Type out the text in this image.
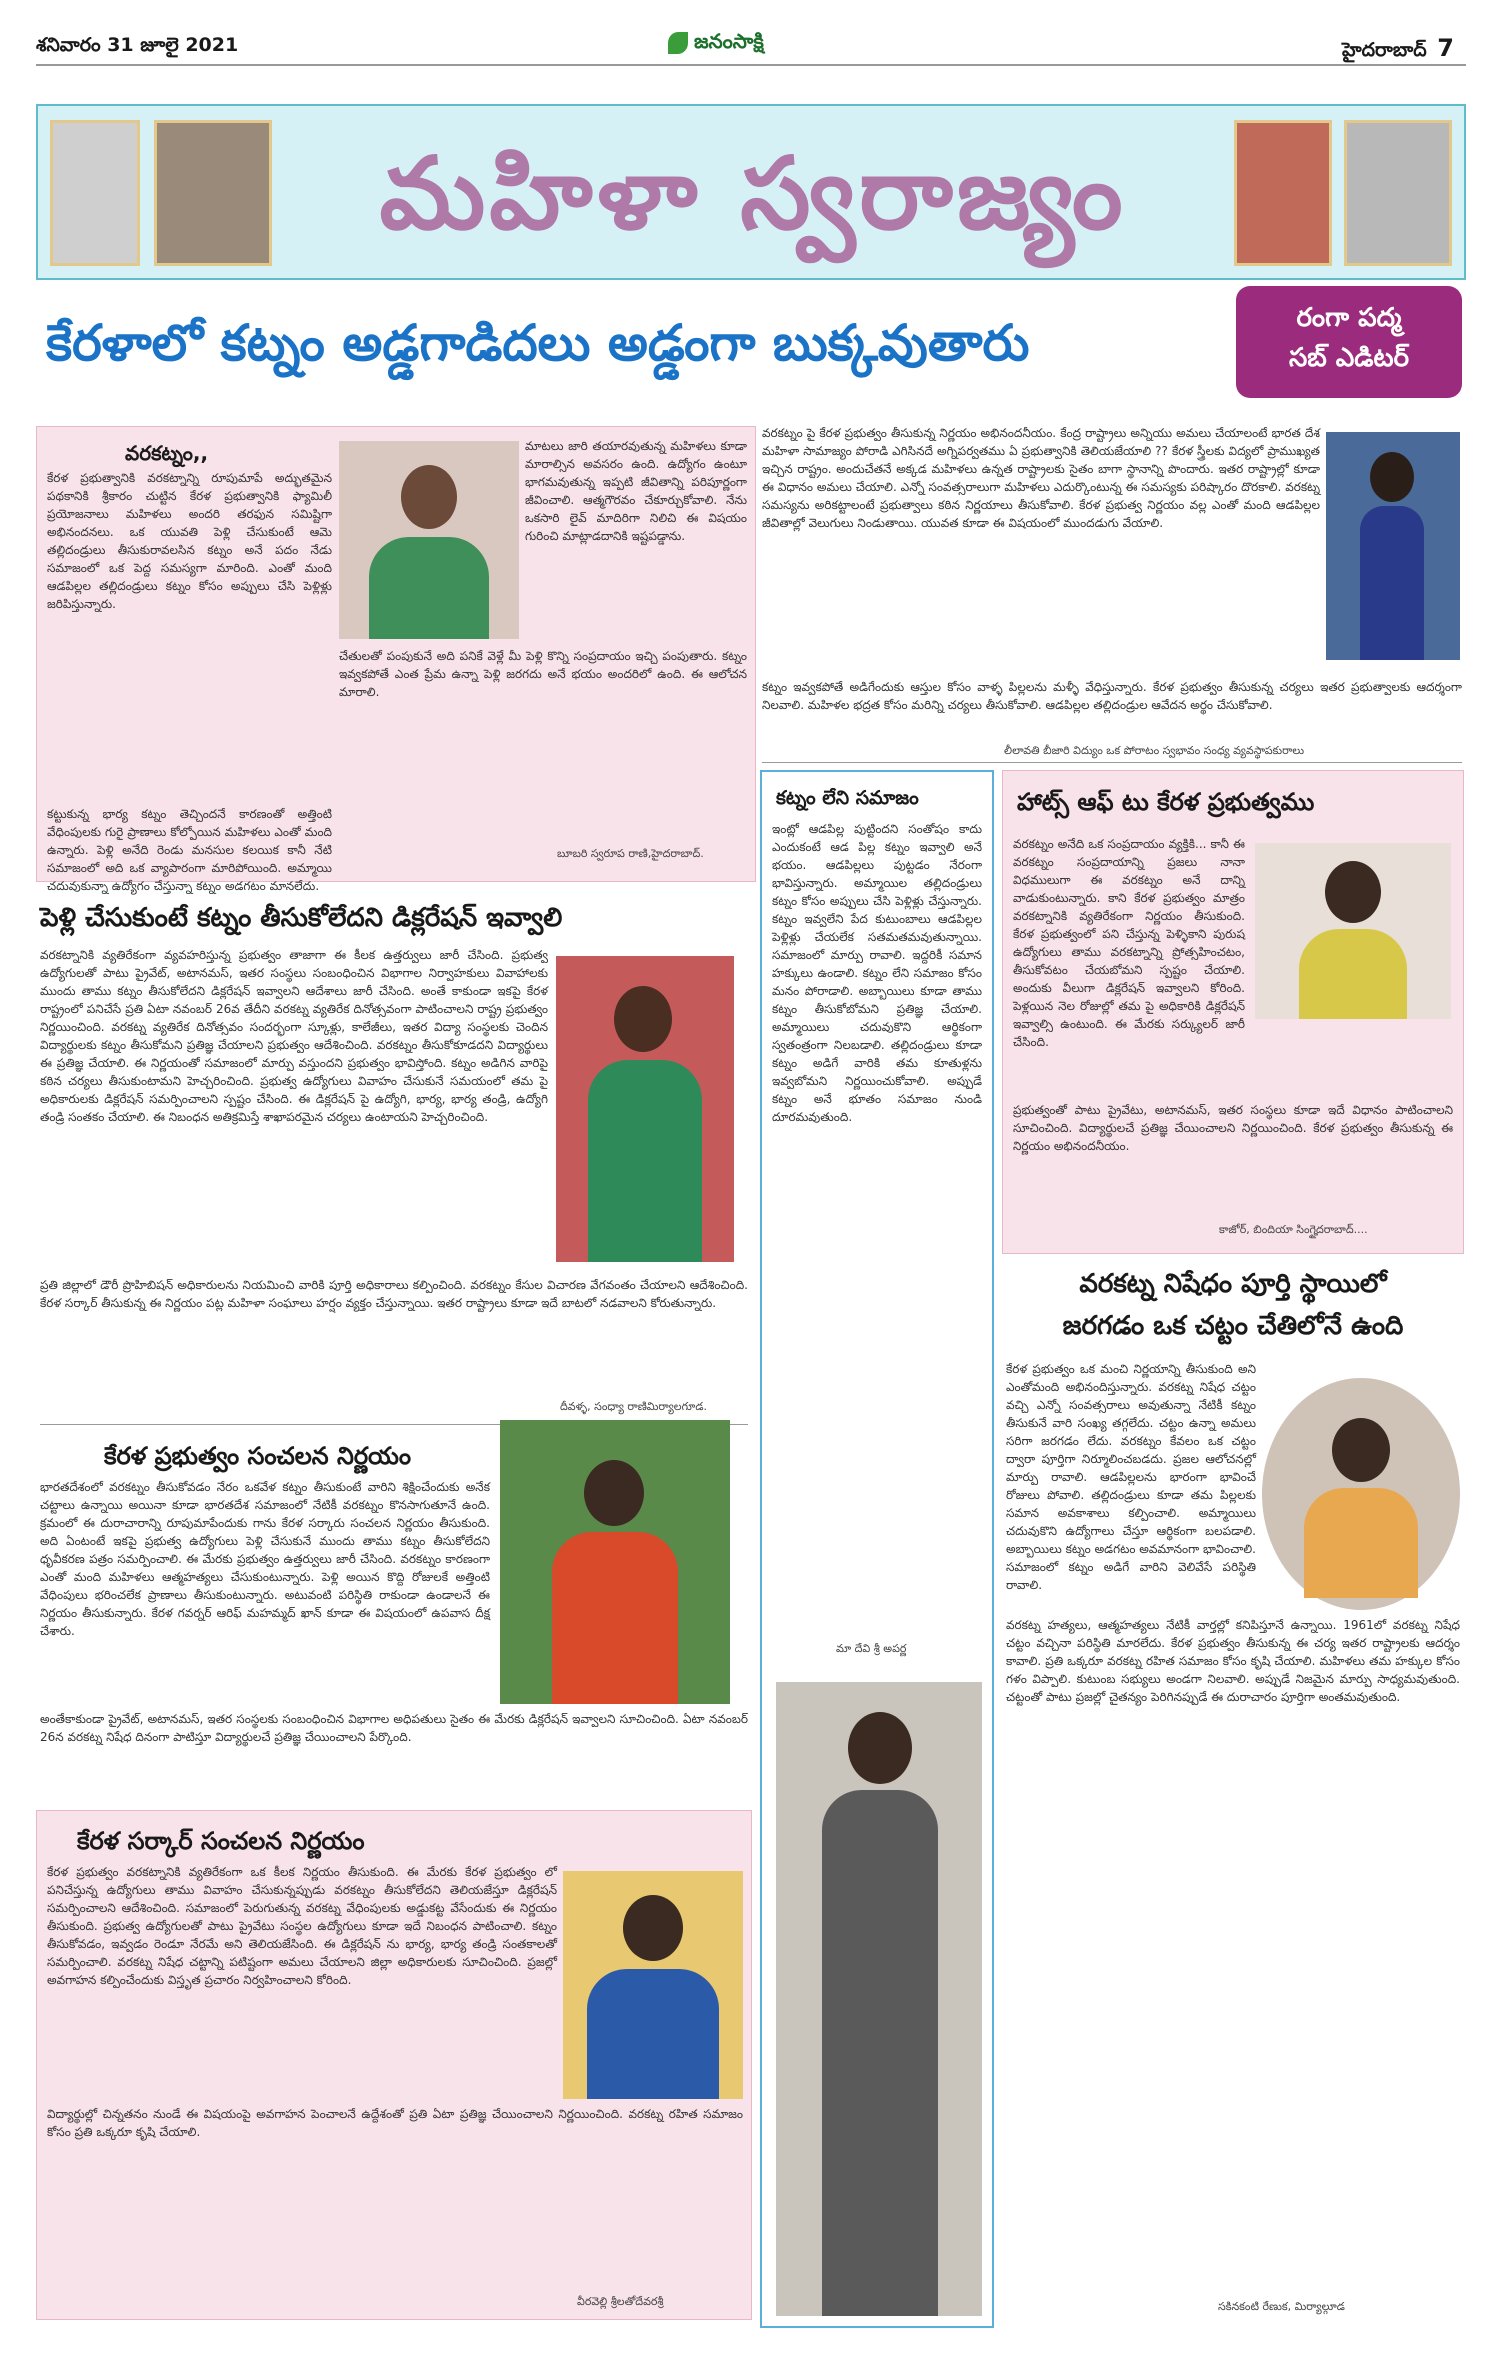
శనివారం 31 జూలై 2021	జనంసాక్షి	హైదరాబాద్ 7
మహిళా స్వరాజ్యం
కేరళాలో కట్నం అడ్డగాడిదలు అడ్డంగా బుక్కవుతారు	రంగా పద్మ
సబ్ ఎడిటర్
వరకట్నం,,
కేరళ ప్రభుత్వానికి వరకట్నాన్ని రూపుమాపే అద్భుతమైన పథకానికి శ్రీకారం చుట్టిన కేరళ ప్రభుత్వానికి ఫ్యామిలీ ప్రయోజనాలు మహిళలు అందరి తరఫున సమిష్టిగా అభినందనలు. ఒక యువతి పెళ్లి చేసుకుంటే ఆమె తల్లిదండ్రులు తీసుకురావలసిన కట్నం అనే పదం నేడు సమాజంలో ఒక పెద్ద సమస్యగా మారింది. ఎంతో మంది ఆడపిల్లల తల్లిదండ్రులు కట్నం కోసం అప్పులు చేసి పెళ్లిళ్లు జరిపిస్తున్నారు.
మాటలు జారి తయారవుతున్న మహిళలు కూడా మారాల్సిన అవసరం ఉంది. ఉద్యోగం ఉంటూ భాగమవుతున్న ఇప్పటి జీవితాన్ని పరిపూర్ణంగా జీవించాలి. ఆత్మగౌరవం చేకూర్చుకోవాలి. నేను ఒకసారి లైవ్ మాదిరిగా నిలిచి ఈ విషయం గురించి మాట్లాడదానికి ఇష్టపడ్డాను.
కట్టుకున్న భార్య కట్నం తెచ్చిందనే కారణంతో అత్తింటి వేధింపులకు గురై ప్రాణాలు కోల్పోయిన మహిళలు ఎంతో మంది ఉన్నారు. పెళ్లి అనేది రెండు మనసుల కలయిక కానీ నేటి సమాజంలో అది ఒక వ్యాపారంగా మారిపోయింది. అమ్మాయి చదువుకున్నా ఉద్యోగం చేస్తున్నా కట్నం అడగటం మానలేదు.
చేతులతో పంపుకునే అది పనికే వెళ్లే మీ పెళ్లి కొన్ని సంప్రదాయం ఇచ్చి పంపుతారు. కట్నం ఇవ్వకపోతే ఎంత ప్రేమ ఉన్నా పెళ్లి జరగదు అనే భయం అందరిలో ఉంది. ఈ ఆలోచన మారాలి.
బూబరి స్వరూప రాణి,హైదరాబాద్.
పెళ్లి చేసుకుంటే కట్నం తీసుకోలేదని డిక్లరేషన్ ఇవ్వాలి
వరకట్నానికి వ్యతిరేకంగా వ్యవహరిస్తున్న ప్రభుత్వం తాజాగా ఈ కీలక ఉత్తర్వులు జారీ చేసింది. ప్రభుత్వ ఉద్యోగులతో పాటు ప్రైవేట్, అటానమస్, ఇతర సంస్థలు సంబంధించిన విభాగాల నిర్వాహకులు వివాహాలకు ముందు తాము కట్నం తీసుకోలేదని డిక్లరేషన్ ఇవ్వాలని ఆదేశాలు జారీ చేసింది. అంతే కాకుండా ఇకపై కేరళ రాష్ట్రంలో పనిచేసే ప్రతి ఏటా నవంబర్ 26వ తేదీని వరకట్న వ్యతిరేక దినోత్సవంగా పాటించాలని రాష్ట్ర ప్రభుత్వం నిర్ణయించింది. వరకట్న వ్యతిరేక దినోత్సవం సందర్భంగా స్కూళ్లు, కాలేజీలు, ఇతర విద్యా సంస్థలకు చెందిన విద్యార్థులకు కట్నం తీసుకోమని ప్రతిజ్ఞ చేయాలని ప్రభుత్వం ఆదేశించింది. వరకట్నం తీసుకోకూడదని విద్యార్థులు ఈ ప్రతిజ్ఞ చేయాలి. ఈ నిర్ణయంతో సమాజంలో మార్పు వస్తుందని ప్రభుత్వం భావిస్తోంది. కట్నం అడిగిన వారిపై కఠిన చర్యలు తీసుకుంటామని హెచ్చరించింది. ప్రభుత్వ ఉద్యోగులు వివాహం చేసుకునే సమయంలో తమ పై అధికారులకు డిక్లరేషన్ సమర్పించాలని స్పష్టం చేసింది. ఈ డిక్లరేషన్ పై ఉద్యోగి, భార్య, భార్య తండ్రి, ఉద్యోగి తండ్రి సంతకం చేయాలి. ఈ నిబంధన అతిక్రమిస్తే శాఖాపరమైన చర్యలు ఉంటాయని హెచ్చరించింది.
ప్రతి జిల్లాలో డౌరీ ప్రొహిబిషన్ అధికారులను నియమించి వారికి పూర్తి అధికారాలు కల్పించింది. వరకట్నం కేసుల విచారణ వేగవంతం చేయాలని ఆదేశించింది. కేరళ సర్కార్ తీసుకున్న ఈ నిర్ణయం పట్ల మహిళా సంఘాలు హర్షం వ్యక్తం చేస్తున్నాయి. ఇతర రాష్ట్రాలు కూడా ఇదే బాటలో నడవాలని కోరుతున్నారు.
దీవళ్ళ, సంధ్యా రాణిమిర్యాలగూడ.
కేరళ ప్రభుత్వం సంచలన నిర్ణయం
భారతదేశంలో వరకట్నం తీసుకోవడం నేరం ఒకవేళ కట్నం తీసుకుంటే వారిని శిక్షించేందుకు అనేక చట్టాలు ఉన్నాయి అయినా కూడా భారతదేశ సమాజంలో నేటికీ వరకట్నం కొనసాగుతూనే ఉంది. క్రమంలో ఈ దురాచారాన్ని రూపుమాపేందుకు గాను కేరళ సర్కారు సంచలన నిర్ణయం తీసుకుంది. అది ఏంటంటే ఇకపై ప్రభుత్వ ఉద్యోగులు పెళ్లి చేసుకునే ముందు తాము కట్నం తీసుకోలేదని ధృవీకరణ పత్రం సమర్పించాలి. ఈ మేరకు ప్రభుత్వం ఉత్తర్వులు జారీ చేసింది. వరకట్నం కారణంగా ఎంతో మంది మహిళలు ఆత్మహత్యలు చేసుకుంటున్నారు. పెళ్లి అయిన కొద్ది రోజులకే అత్తింటి వేధింపులు భరించలేక ప్రాణాలు తీసుకుంటున్నారు. అటువంటి పరిస్థితి రాకుండా ఉండాలనే ఈ నిర్ణయం తీసుకున్నారు. కేరళ గవర్నర్ ఆరిఫ్ మహమ్మద్ ఖాన్ కూడా ఈ విషయంలో ఉపవాస దీక్ష చేశారు.
అంతేకాకుండా ప్రైవేట్, అటానమస్, ఇతర సంస్థలకు సంబంధించిన విభాగాల అధిపతులు సైతం ఈ మేరకు డిక్లరేషన్ ఇవ్వాలని సూచించింది. ఏటా నవంబర్ 26న వరకట్న నిషేధ దినంగా పాటిస్తూ విద్యార్థులచే ప్రతిజ్ఞ చేయించాలని పేర్కొంది.
కేరళ సర్కార్ సంచలన నిర్ణయం
కేరళ ప్రభుత్వం వరకట్నానికి వ్యతిరేకంగా ఒక కీలక నిర్ణయం తీసుకుంది. ఈ మేరకు కేరళ ప్రభుత్వం లో పనిచేస్తున్న ఉద్యోగులు తాము వివాహం చేసుకున్నప్పుడు వరకట్నం తీసుకోలేదని తెలియజేస్తూ డిక్లరేషన్ సమర్పించాలని ఆదేశించింది. సమాజంలో పెరుగుతున్న వరకట్న వేధింపులకు అడ్డుకట్ట వేసేందుకు ఈ నిర్ణయం తీసుకుంది. ప్రభుత్వ ఉద్యోగులతో పాటు ప్రైవేటు సంస్థల ఉద్యోగులు కూడా ఇదే నిబంధన పాటించాలి. కట్నం తీసుకోవడం, ఇవ్వడం రెండూ నేరమే అని తెలియజేసింది. ఈ డిక్లరేషన్ ను భార్య, భార్య తండ్రి సంతకాలతో సమర్పించాలి. వరకట్న నిషేధ చట్టాన్ని పటిష్టంగా అమలు చేయాలని జిల్లా అధికారులకు సూచించింది. ప్రజల్లో అవగాహన కల్పించేందుకు విస్తృత ప్రచారం నిర్వహించాలని కోరింది.
విద్యార్థుల్లో చిన్నతనం నుండే ఈ విషయంపై అవగాహన పెంచాలనే ఉద్దేశంతో ప్రతి ఏటా ప్రతిజ్ఞ చేయించాలని నిర్ణయించింది. వరకట్న రహిత సమాజం కోసం ప్రతి ఒక్కరూ కృషి చేయాలి.
వీరవెల్లి శ్రీలతోదేవరశ్రీ
వరకట్నం పై కేరళ ప్రభుత్వం తీసుకున్న నిర్ణయం అభినందనీయం. కేంద్ర రాష్ట్రాలు అన్నియు అమలు చేయాలంటే భారత దేశ మహిళా సామాజ్యం పోరాడి ఎగిసినదే అగ్నిపర్వతము ఏ ప్రభుత్వానికి తెలియజేయాలి ?? కేరళ స్త్రీలకు విద్యలో ప్రాముఖ్యత ఇచ్చిన రాష్ట్రం. అందుచేతనే అక్కడ మహిళలు ఉన్నత రాష్ట్రాలకు సైతం బాగా స్థానాన్ని పొందారు. ఇతర రాష్ట్రాల్లో కూడా ఈ విధానం అమలు చేయాలి. ఎన్నో సంవత్సరాలుగా మహిళలు ఎదుర్కొంటున్న ఈ సమస్యకు పరిష్కారం దొరకాలి. వరకట్న సమస్యను అరికట్టాలంటే ప్రభుత్వాలు కఠిన నిర్ణయాలు తీసుకోవాలి. కేరళ ప్రభుత్వ నిర్ణయం వల్ల ఎంతో మంది ఆడపిల్లల జీవితాల్లో వెలుగులు నిండుతాయి. యువత కూడా ఈ విషయంలో ముందడుగు వేయాలి.
కట్నం ఇవ్వకపోతే అడిగేందుకు ఆస్తుల కోసం వాళ్ళ పిల్లలను మళ్ళీ వేధిస్తున్నారు. కేరళ ప్రభుత్వం తీసుకున్న చర్యలు ఇతర ప్రభుత్వాలకు ఆదర్శంగా నిలవాలి. మహిళల భద్రత కోసం మరిన్ని చర్యలు తీసుకోవాలి. ఆడపిల్లల తల్లిదండ్రుల ఆవేదన అర్థం చేసుకోవాలి.
లీలావతి బీజారి విద్యుం ఒక పోరాటం స్వభావం సంధ్య వ్యవస్థాపకురాలు
కట్నం లేని సమాజం
ఇంట్లో ఆడపిల్ల పుట్టిందని సంతోషం కాదు ఎందుకంటే ఆడ పిల్ల కట్నం ఇవ్వాలి అనే భయం. ఆడపిల్లలు పుట్టడం నేరంగా భావిస్తున్నారు. అమ్మాయిల తల్లిదండ్రులు కట్నం కోసం అప్పులు చేసి పెళ్లిళ్లు చేస్తున్నారు. కట్నం ఇవ్వలేని పేద కుటుంబాలు ఆడపిల్లల పెళ్లిళ్లు చేయలేక సతమతమవుతున్నాయి. సమాజంలో మార్పు రావాలి. ఇద్దరికీ సమాన హక్కులు ఉండాలి. కట్నం లేని సమాజం కోసం మనం పోరాడాలి. అబ్బాయిలు కూడా తాము కట్నం తీసుకోబోమని ప్రతిజ్ఞ చేయాలి. అమ్మాయిలు చదువుకొని ఆర్థికంగా స్వతంత్రంగా నిలబడాలి. తల్లిదండ్రులు కూడా కట్నం అడిగే వారికి తమ కూతుళ్లను ఇవ్వబోమని నిర్ణయించుకోవాలి. అప్పుడే కట్నం అనే భూతం సమాజం నుండి దూరమవుతుంది.
మా దేవి శ్రీ అపర్ణ
హాట్స్ ఆఫ్ టు కేరళ ప్రభుత్వము
వరకట్నం అనేది ఒక సంప్రదాయం వ్యక్తికి... కానీ ఈ వరకట్నం సంప్రదాయాన్ని ప్రజలు నానా విధములుగా ఈ వరకట్నం అనే దాన్ని వాడుకుంటున్నారు. కాని కేరళ ప్రభుత్వం మాత్రం వరకట్నానికి వ్యతిరేకంగా నిర్ణయం తీసుకుంది. కేరళ ప్రభుత్వంలో పని చేస్తున్న పెళ్ళికాని పురుష ఉద్యోగులు తాము వరకట్నాన్ని ప్రోత్సహించటం, తీసుకోవటం చేయబోమని స్పష్టం చేయాలి. అందుకు వీలుగా డిక్లరేషన్ ఇవ్వాలని కోరింది. పెళ్లయిన నెల రోజుల్లో తమ పై అధికారికి డిక్లరేషన్ ఇవ్వాల్సి ఉంటుంది. ఈ మేరకు సర్క్యులర్ జారీ చేసింది.
ప్రభుత్వంతో పాటు ప్రైవేటు, అటానమస్, ఇతర సంస్థలు కూడా ఇదే విధానం పాటించాలని సూచించింది. విద్యార్థులచే ప్రతిజ్ఞ చేయించాలని నిర్ణయించింది. కేరళ ప్రభుత్వం తీసుకున్న ఈ నిర్ణయం అభినందనీయం.
కాజోర్, బిందియా సింగ్హైదరాబాద్....
వరకట్న నిషేధం పూర్తి స్థాయిలో
జరగడం ఒక చట్టం చేతిలోనే ఉంది
కేరళ ప్రభుత్వం ఒక మంచి నిర్ణయాన్ని తీసుకుంది అని ఎంతోమంది అభినందిస్తున్నారు. వరకట్న నిషేధ చట్టం వచ్చి ఎన్నో సంవత్సరాలు అవుతున్నా నేటికీ కట్నం తీసుకునే వారి సంఖ్య తగ్గలేదు. చట్టం ఉన్నా అమలు సరిగా జరగడం లేదు. వరకట్నం కేవలం ఒక చట్టం ద్వారా పూర్తిగా నిర్మూలించబడదు. ప్రజల ఆలోచనల్లో మార్పు రావాలి. ఆడపిల్లలను భారంగా భావించే రోజులు పోవాలి. తల్లిదండ్రులు కూడా తమ పిల్లలకు సమాన అవకాశాలు కల్పించాలి. అమ్మాయిలు చదువుకొని ఉద్యోగాలు చేస్తూ ఆర్థికంగా బలపడాలి. అబ్బాయిలు కట్నం అడగటం అవమానంగా భావించాలి. సమాజంలో కట్నం అడిగే వారిని వెలివేసే పరిస్థితి రావాలి.
వరకట్న హత్యలు, ఆత్మహత్యలు నేటికీ వార్తల్లో కనిపిస్తూనే ఉన్నాయి. 1961లో వరకట్న నిషేధ చట్టం వచ్చినా పరిస్థితి మారలేదు. కేరళ ప్రభుత్వం తీసుకున్న ఈ చర్య ఇతర రాష్ట్రాలకు ఆదర్శం కావాలి. ప్రతి ఒక్కరూ వరకట్న రహిత సమాజం కోసం కృషి చేయాలి. మహిళలు తమ హక్కుల కోసం గళం విప్పాలి. కుటుంబ సభ్యులు అండగా నిలవాలి. అప్పుడే నిజమైన మార్పు సాధ్యమవుతుంది. చట్టంతో పాటు ప్రజల్లో చైతన్యం పెరిగినప్పుడే ఈ దురాచారం పూర్తిగా అంతమవుతుంది.
సకినకంటి రేణుక, మిర్యాల్గూడ
